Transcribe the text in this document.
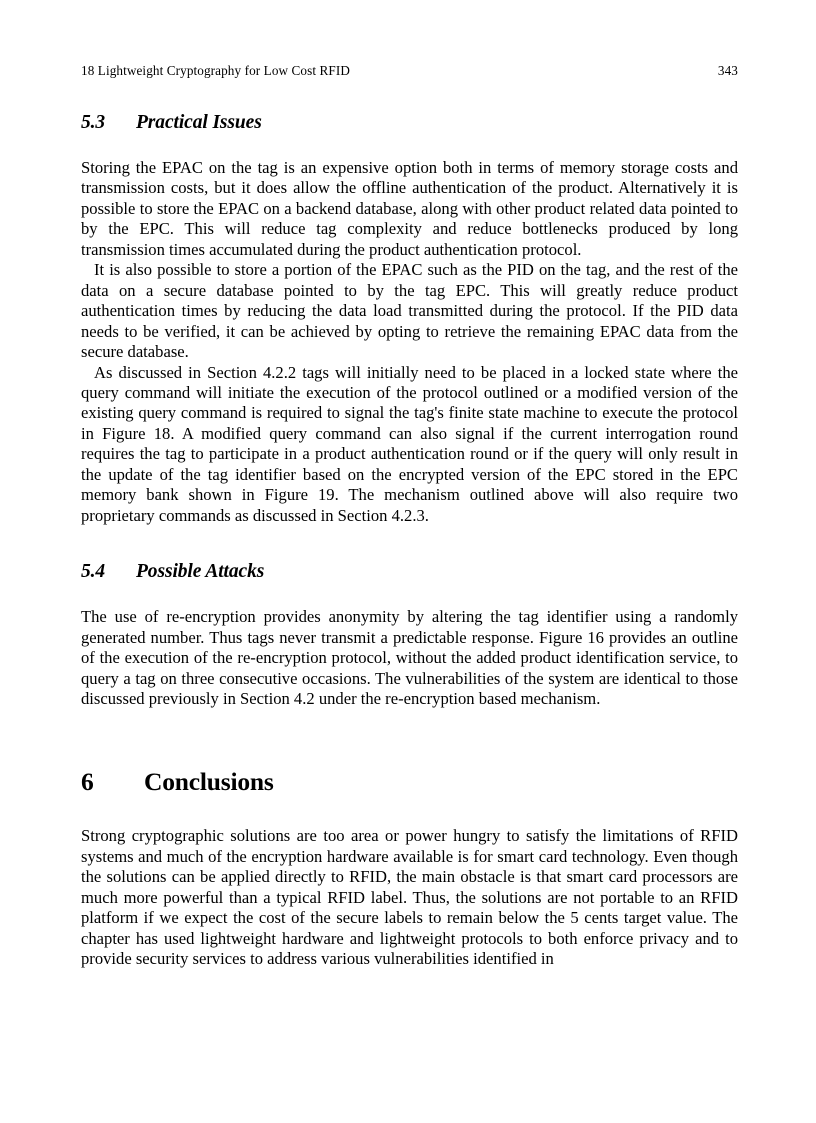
18 Lightweight Cryptography for Low Cost RFID	343
5.3 Practical Issues

Storing the EPAC on the tag is an expensive option both in terms of memory storage costs and transmission costs, but it does allow the offline authentication of the product. Alternatively it is possible to store the EPAC on a backend database, along with other product related data pointed to by the EPC. This will reduce tag complexity and reduce bottlenecks produced by long transmission times accumulated during the product authentication protocol.

It is also possible to store a portion of the EPAC such as the PID on the tag, and the rest of the data on a secure database pointed to by the tag EPC. This will greatly reduce product authentication times by reducing the data load transmitted during the protocol. If the PID data needs to be verified, it can be achieved by opting to retrieve the remaining EPAC data from the secure database.

As discussed in Section 4.2.2 tags will initially need to be placed in a locked state where the query command will initiate the execution of the protocol outlined or a modified version of the existing query command is required to signal the tag's finite state machine to execute the protocol in Figure 18. A modified query command can also signal if the current interrogation round requires the tag to participate in a product authentication round or if the query will only result in the update of the tag identifier based on the encrypted version of the EPC stored in the EPC memory bank shown in Figure 19. The mechanism outlined above will also require two proprietary commands as discussed in Section 4.2.3.

5.4 Possible Attacks

The use of re-encryption provides anonymity by altering the tag identifier using a randomly generated number. Thus tags never transmit a predictable response. Figure 16 provides an outline of the execution of the re-encryption protocol, without the added product identification service, to query a tag on three consecutive occasions. The vulnerabilities of the system are identical to those discussed previously in Section 4.2 under the re-encryption based mechanism.

6 Conclusions

Strong cryptographic solutions are too area or power hungry to satisfy the limitations of RFID systems and much of the encryption hardware available is for smart card technology. Even though the solutions can be applied directly to RFID, the main obstacle is that smart card processors are much more powerful than a typical RFID label. Thus, the solutions are not portable to an RFID platform if we expect the cost of the secure labels to remain below the 5 cents target value. The chapter has used lightweight hardware and lightweight protocols to both enforce privacy and to provide security services to address various vulnerabilities identified in
